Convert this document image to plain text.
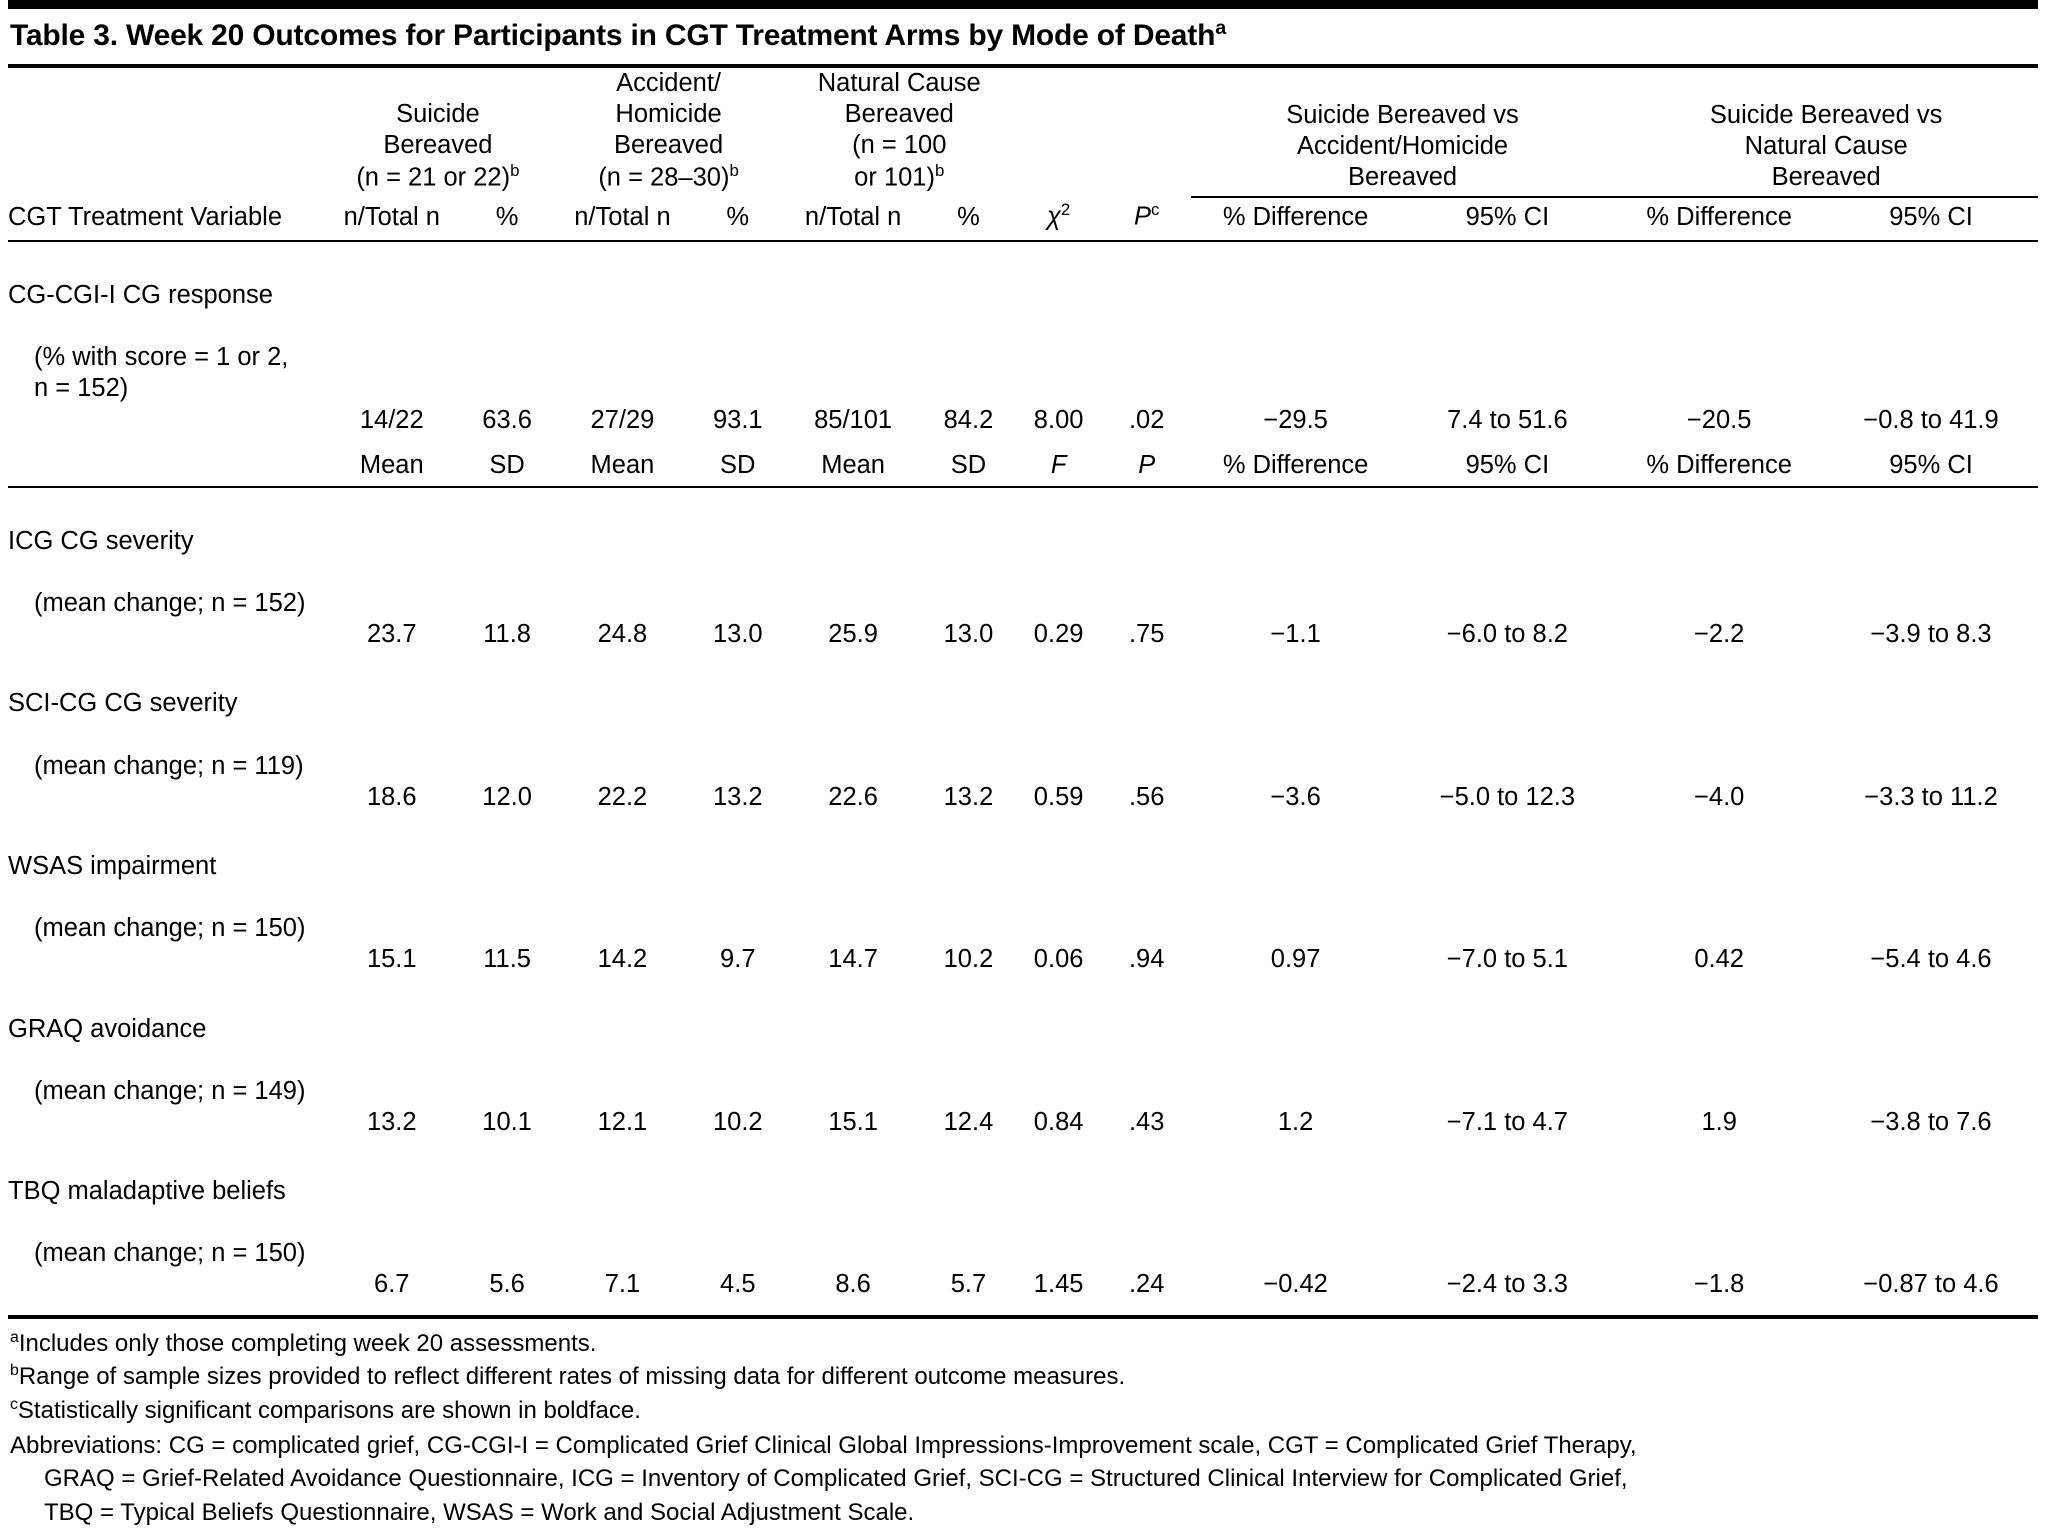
Table 3. Week 20 Outcomes for Participants in CGT Treatment Arms by Mode of Death$^a$

	Suicide
Bereaved
(n = 21 or 22)$^b$		Accident/
Homicide
Bereaved
(n = 28–30)$^b$		Natural Cause
Bereaved
(n = 100
or 101)$^b$				Suicide Bereaved vs
Accident/Homicide
Bereaved		Suicide Bereaved vs
Natural Cause
Bereaved	

CGT Treatment Variable	n/Total n	%	n/Total n	%	n/Total n	%	$\chi^2$	$P^c$	% Difference	95% CI	% Difference	95% CI

CG-CGI-I CG response

(% with score = 1 or 2,
n = 152)	14/22	63.6	27/29	93.1	85/101	84.2	8.00	.02	−29.5	7.4 to 51.6	−20.5	−0.8 to 41.9
	Mean	SD	Mean	SD	Mean	SD	F	P	% Difference	95% CI	% Difference	95% CI

ICG CG severity

(mean change; n = 152)	23.7	11.8	24.8	13.0	25.9	13.0	0.29	.75	−1.1	−6.0 to 8.2	−2.2	−3.9 to 8.3

SCI-CG CG severity

(mean change; n = 119)	18.6	12.0	22.2	13.2	22.6	13.2	0.59	.56	−3.6	−5.0 to 12.3	−4.0	−3.3 to 11.2

WSAS impairment

(mean change; n = 150)	15.1	11.5	14.2	9.7	14.7	10.2	0.06	.94	0.97	−7.0 to 5.1	0.42	−5.4 to 4.6

GRAQ avoidance

(mean change; n = 149)	13.2	10.1	12.1	10.2	15.1	12.4	0.84	.43	1.2	−7.1 to 4.7	1.9	−3.8 to 7.6

TBQ maladaptive beliefs

(mean change; n = 150)	6.7	5.6	7.1	4.5	8.6	5.7	1.45	.24	−0.42	−2.4 to 3.3	−1.8	−0.87 to 4.6

$^a$Includes only those completing week 20 assessments.
$^b$Range of sample sizes provided to reflect different rates of missing data for different outcome measures.
$^c$Statistically significant comparisons are shown in boldface.
Abbreviations: CG = complicated grief, CG-CGI-I = Complicated Grief Clinical Global Impressions-Improvement scale, CGT = Complicated Grief Therapy,
GRAQ = Grief-Related Avoidance Questionnaire, ICG = Inventory of Complicated Grief, SCI-CG = Structured Clinical Interview for Complicated Grief,
TBQ = Typical Beliefs Questionnaire, WSAS = Work and Social Adjustment Scale.
